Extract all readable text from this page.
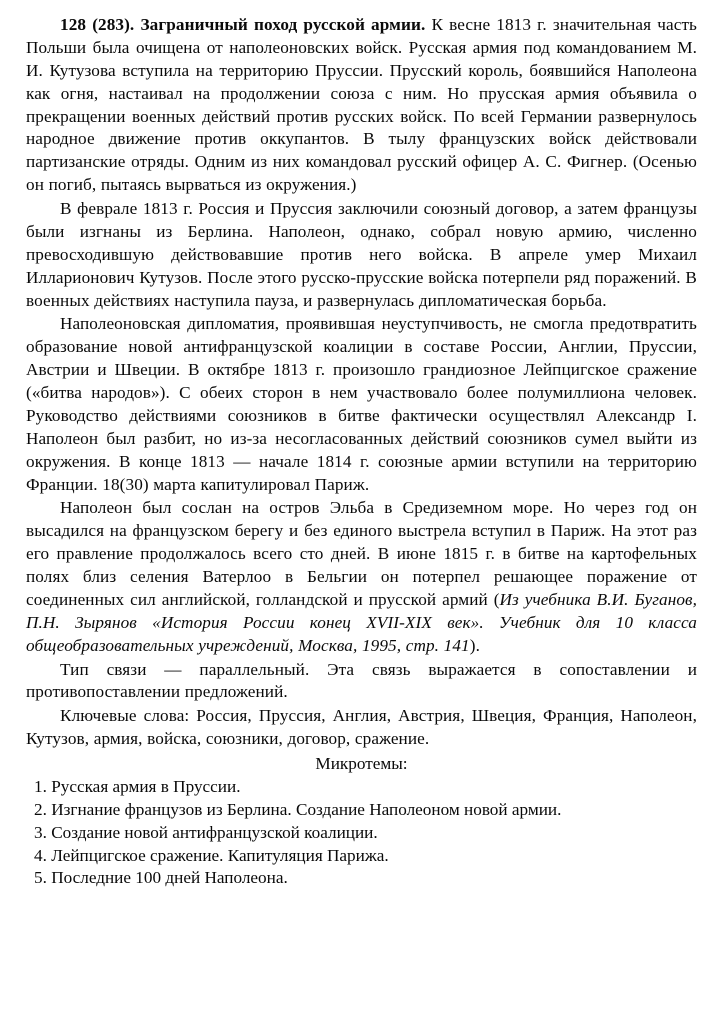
128 (283). Заграничный поход русской армии. К весне 1813 г. значительная часть Польши была очищена от наполеоновских войск. Русская армия под командованием М. И. Кутузова вступила на территорию Пруссии. Прусский король, боявшийся Наполеона как огня, настаивал на продолжении союза с ним. Но прусская армия объявила о прекращении военных действий против русских войск. По всей Германии развернулось народное движение против оккупантов. В тылу французских войск действовали партизанские отряды. Одним из них командовал русский офицер А. С. Фигнер. (Осенью он погиб, пытаясь вырваться из окружения.)

В феврале 1813 г. Россия и Пруссия заключили союзный договор, а затем французы были изгнаны из Берлина. Наполеон, однако, собрал новую армию, численно превосходившую действовавшие против него войска. В апреле умер Михаил Илларионович Кутузов. После этого русско-прусские войска потерпели ряд поражений. В военных действиях наступила пауза, и развернулась дипломатическая борьба.

Наполеоновская дипломатия, проявившая неуступчивость, не смогла предотвратить образование новой антифранцузской коалиции в составе России, Англии, Пруссии, Австрии и Швеции. В октябре 1813 г. произошло грандиозное Лейпцигское сражение («битва народов»). С обеих сторон в нем участвовало более полумиллиона человек. Руководство действиями союзников в битве фактически осуществлял Александр I. Наполеон был разбит, но из-за несогласованных действий союзников сумел выйти из окружения. В конце 1813 — начале 1814 г. союзные армии вступили на территорию Франции. 18(30) марта капитулировал Париж.

Наполеон был сослан на остров Эльба в Средиземном море. Но через год он высадился на французском берегу и без единого выстрела вступил в Париж. На этот раз его правление продолжалось всего сто дней. В июне 1815 г. в битве на картофельных полях близ селения Ватерлоо в Бельгии он потерпел решающее поражение от соединенных сил английской, голландской и прусской армий (Из учебника В.И. Буганов, П.Н. Зырянов «История России конец XVII-XIX век». Учебник для 10 класса общеобразовательных учреждений, Москва, 1995, стр. 141).

Тип связи — параллельный. Эта связь выражается в сопоставлении и противопоставлении предложений.

Ключевые слова: Россия, Пруссия, Англия, Австрия, Швеция, Франция, Наполеон, Кутузов, армия, войска, союзники, договор, сражение.

Микротемы:

1. Русская армия в Пруссии.
2. Изгнание французов из Берлина. Создание Наполеоном новой армии.
3. Создание новой антифранцузской коалиции.
4. Лейпцигское сражение. Капитуляция Парижа.
5. Последние 100 дней Наполеона.
